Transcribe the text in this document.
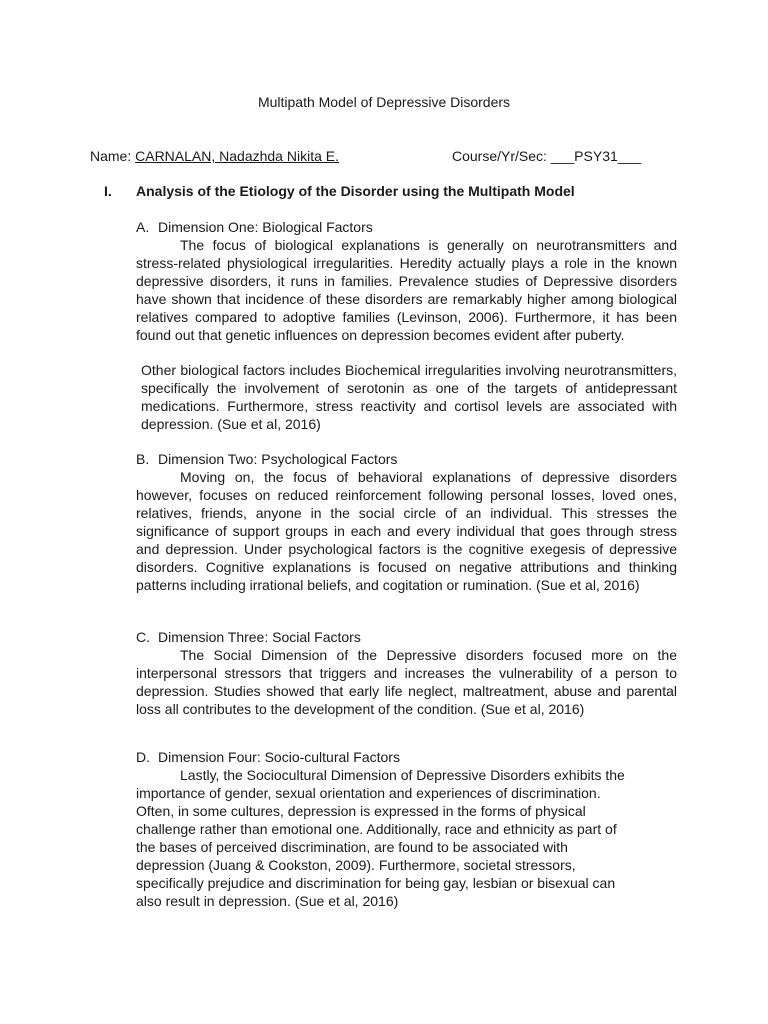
Multipath Model of Depressive Disorders
Name: CARNALAN, Nadazhda Nikita E.	Course/Yr/Sec: ___PSY31___
I. Analysis of the Etiology of the Disorder using the Multipath Model
A. Dimension One: Biological Factors
The focus of biological explanations is generally on neurotransmitters and stress-related physiological irregularities. Heredity actually plays a role in the known depressive disorders, it runs in families. Prevalence studies of Depressive disorders have shown that incidence of these disorders are remarkably higher among biological relatives compared to adoptive families (Levinson, 2006). Furthermore, it has been found out that genetic influences on depression becomes evident after puberty.
Other biological factors includes Biochemical irregularities involving neurotransmitters, specifically the involvement of serotonin as one of the targets of antidepressant medications. Furthermore, stress reactivity and cortisol levels are associated with depression. (Sue et al, 2016)
B. Dimension Two: Psychological Factors
Moving on, the focus of behavioral explanations of depressive disorders however, focuses on reduced reinforcement following personal losses, loved ones, relatives, friends, anyone in the social circle of an individual. This stresses the significance of support groups in each and every individual that goes through stress and depression. Under psychological factors is the cognitive exegesis of depressive disorders. Cognitive explanations is focused on negative attributions and thinking patterns including irrational beliefs, and cogitation or rumination. (Sue et al, 2016)
C. Dimension Three: Social Factors
The Social Dimension of the Depressive disorders focused more on the interpersonal stressors that triggers and increases the vulnerability of a person to depression. Studies showed that early life neglect, maltreatment, abuse and parental loss all contributes to the development of the condition. (Sue et al, 2016)
D. Dimension Four: Socio-cultural Factors
Lastly, the Sociocultural Dimension of Depressive Disorders exhibits the importance of gender, sexual orientation and experiences of discrimination. Often, in some cultures, depression is expressed in the forms of physical challenge rather than emotional one. Additionally, race and ethnicity as part of the bases of perceived discrimination, are found to be associated with depression (Juang & Cookston, 2009). Furthermore, societal stressors, specifically prejudice and discrimination for being gay, lesbian or bisexual can also result in depression. (Sue et al, 2016)
